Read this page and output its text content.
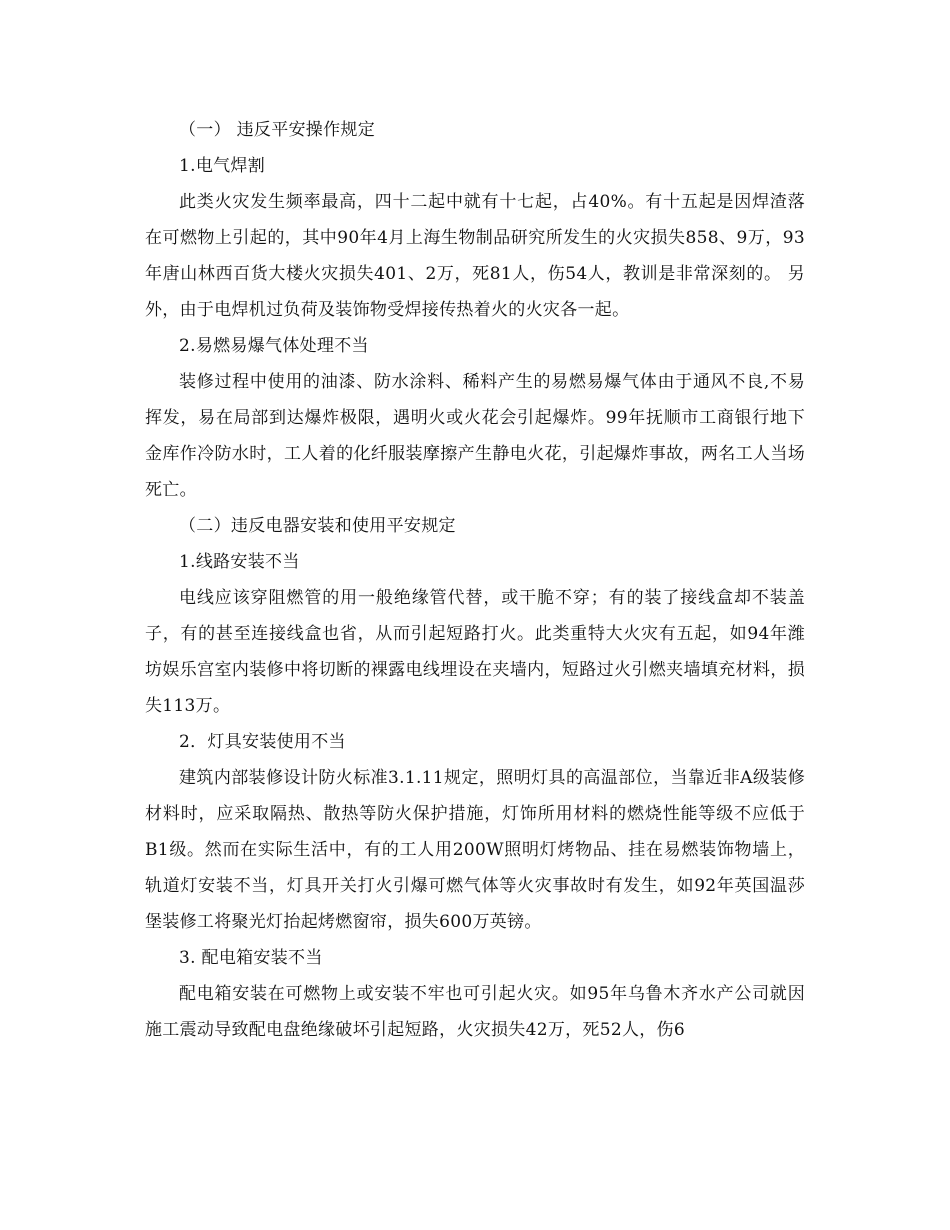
（一） 违反平安操作规定

1.电气焊割

此类火灾发生频率最高，四十二起中就有十七起，占40%。有十五起是因焊渣落在可燃物上引起的，其中90年4月上海生物制品研究所发生的火灾损失858、9万，93年唐山林西百货大楼火灾损失401、2万，死81人，伤54人，教训是非常深刻的。 另外，由于电焊机过负荷及装饰物受焊接传热着火的火灾各一起。

2.易燃易爆气体处理不当

装修过程中使用的油漆、防水涂料、稀料产生的易燃易爆气体由于通风不良,不易挥发，易在局部到达爆炸极限，遇明火或火花会引起爆炸。99年抚顺市工商银行地下金库作冷防水时，工人着的化纤服装摩擦产生静电火花，引起爆炸事故，两名工人当场死亡。

（二）违反电器安装和使用平安规定

1.线路安装不当

电线应该穿阻燃管的用一般绝缘管代替，或干脆不穿；有的装了接线盒却不装盖子，有的甚至连接线盒也省，从而引起短路打火。此类重特大火灾有五起，如94年潍坊娱乐宫室内装修中将切断的裸露电线埋设在夹墙内，短路过火引燃夹墙填充材料，损失113万。

2．灯具安装使用不当

建筑内部装修设计防火标准3.1.11规定，照明灯具的高温部位，当靠近非A级装修材料时，应采取隔热、散热等防火保护措施，灯饰所用材料的燃烧性能等级不应低于B1级。然而在实际生活中，有的工人用200W照明灯烤物品、挂在易燃装饰物墙上，轨道灯安装不当，灯具开关打火引爆可燃气体等火灾事故时有发生，如92年英国温莎堡装修工将聚光灯抬起烤燃窗帘，损失600万英镑。

3. 配电箱安装不当

配电箱安装在可燃物上或安装不牢也可引起火灾。如95年乌鲁木齐水产公司就因施工震动导致配电盘绝缘破坏引起短路，火灾损失42万，死52人，伤6
